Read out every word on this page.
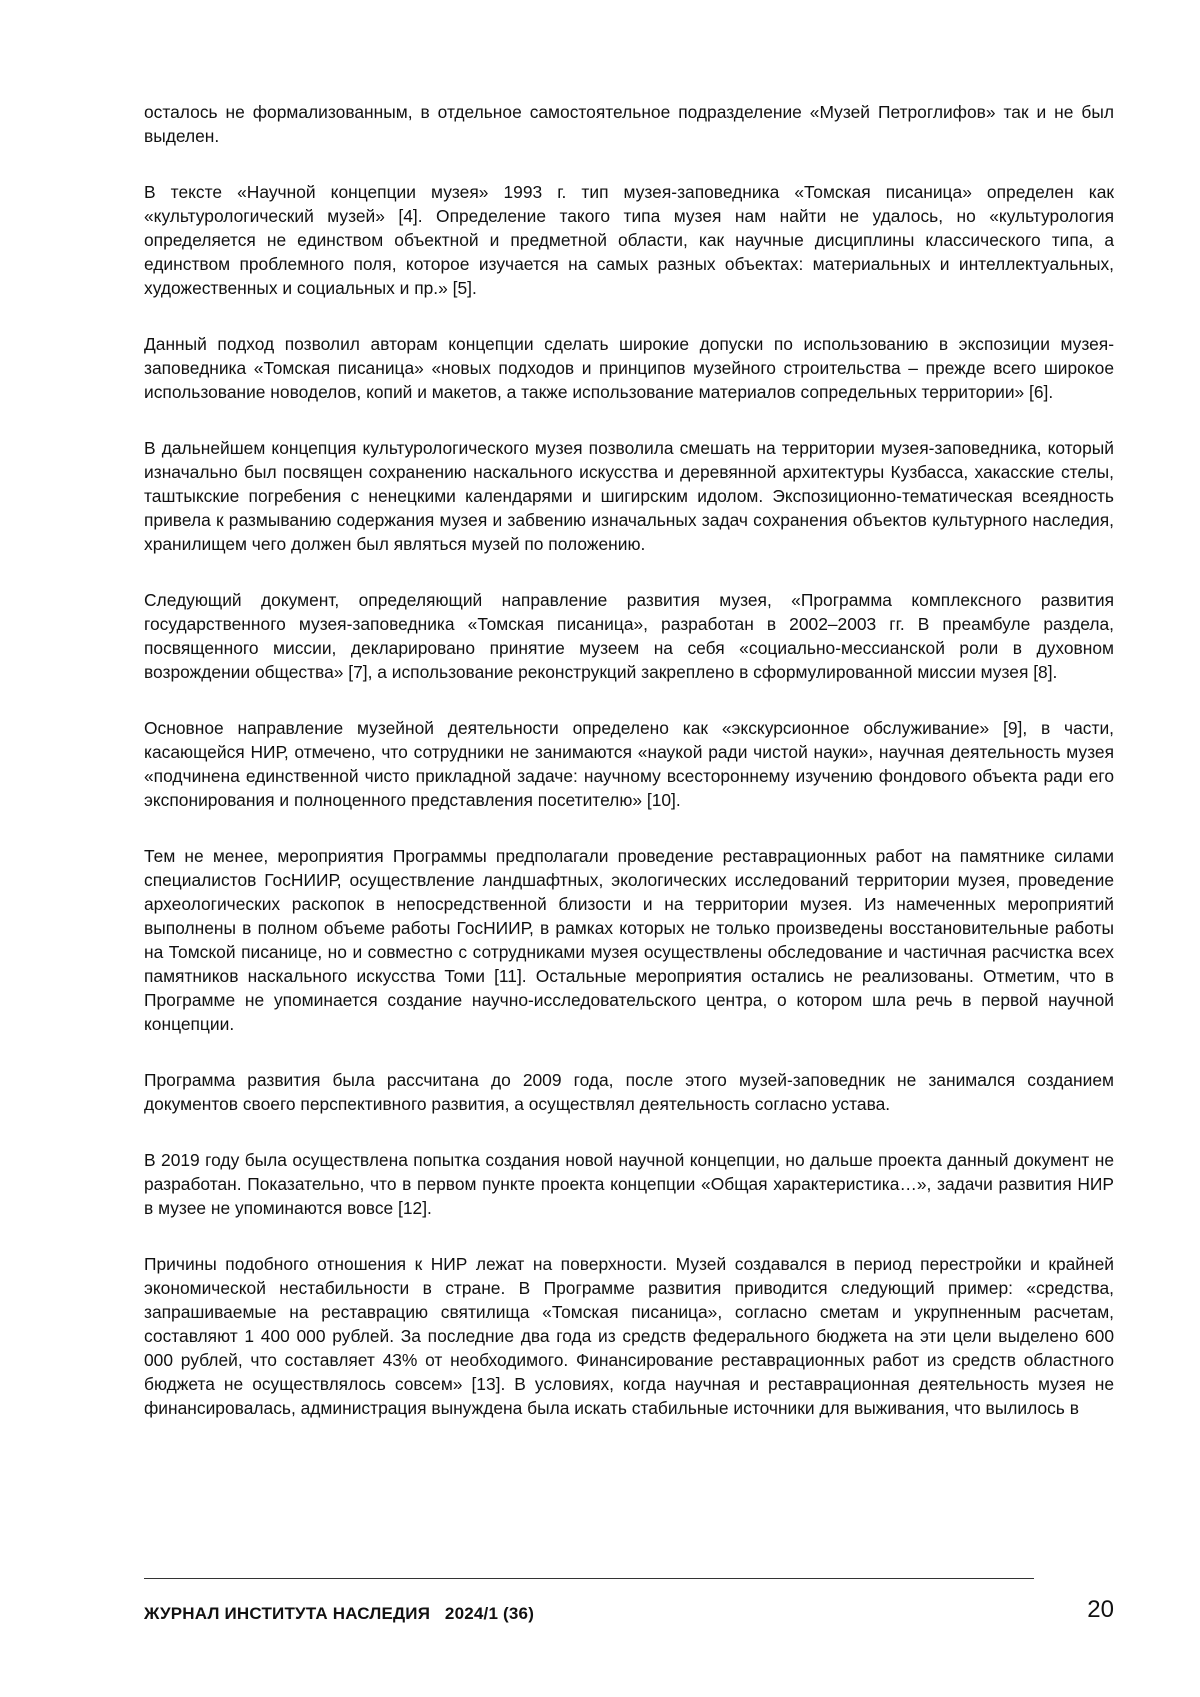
осталось не формализованным, в отдельное самостоятельное подразделение «Музей Петроглифов» так и не был выделен.

В тексте «Научной концепции музея» 1993 г. тип музея-заповедника «Томская писаница» определен как «культурологический музей» [4]. Определение такого типа музея нам найти не удалось, но «культурология определяется не единством объектной и предметной области, как научные дисциплины классического типа, а единством проблемного поля, которое изучается на самых разных объектах: материальных и интеллектуальных, художественных и социальных и пр.» [5].

Данный подход позволил авторам концепции сделать широкие допуски по использованию в экспозиции музея-заповедника «Томская писаница» «новых подходов и принципов музейного строительства – прежде всего широкое использование новоделов, копий и макетов, а также использование материалов сопредельных территории» [6].

В дальнейшем концепция культурологического музея позволила смешать на территории музея-заповедника, который изначально был посвящен сохранению наскального искусства и деревянной архитектуры Кузбасса, хакасские стелы, таштыкские погребения с ненецкими календарями и шигирским идолом. Экспозиционно-тематическая всеядность привела к размыванию содержания музея и забвению изначальных задач сохранения объектов культурного наследия, хранилищем чего должен был являться музей по положению.

Следующий документ, определяющий направление развития музея, «Программа комплексного развития государственного музея-заповедника «Томская писаница», разработан в 2002–2003 гг. В преамбуле раздела, посвященного миссии, декларировано принятие музеем на себя «социально-мессианской роли в духовном возрождении общества» [7], а использование реконструкций закреплено в сформулированной миссии музея [8].

Основное направление музейной деятельности определено как «экскурсионное обслуживание» [9], в части, касающейся НИР, отмечено, что сотрудники не занимаются «наукой ради чистой науки», научная деятельность музея «подчинена единственной чисто прикладной задаче: научному всестороннему изучению фондового объекта ради его экспонирования и полноценного представления посетителю» [10].

Тем не менее, мероприятия Программы предполагали проведение реставрационных работ на памятнике силами специалистов ГосНИИР, осуществление ландшафтных, экологических исследований территории музея, проведение археологических раскопок в непосредственной близости и на территории музея. Из намеченных мероприятий выполнены в полном объеме работы ГосНИИР, в рамках которых не только произведены восстановительные работы на Томской писанице, но и совместно с сотрудниками музея осуществлены обследование и частичная расчистка всех памятников наскального искусства Томи [11]. Остальные мероприятия остались не реализованы. Отметим, что в Программе не упоминается создание научно-исследовательского центра, о котором шла речь в первой научной концепции.

Программа развития была рассчитана до 2009 года, после этого музей-заповедник не занимался созданием документов своего перспективного развития, а осуществлял деятельность согласно устава.

В 2019 году была осуществлена попытка создания новой научной концепции, но дальше проекта данный документ не разработан. Показательно, что в первом пункте проекта концепции «Общая характеристика…», задачи развития НИР в музее не упоминаются вовсе [12].

Причины подобного отношения к НИР лежат на поверхности. Музей создавался в период перестройки и крайней экономической нестабильности в стране. В Программе развития приводится следующий пример: «средства, запрашиваемые на реставрацию святилища «Томская писаница», согласно сметам и укрупненным расчетам, составляют 1 400 000 рублей. За последние два года из средств федерального бюджета на эти цели выделено 600 000 рублей, что составляет 43% от необходимого. Финансирование реставрационных работ из средств областного бюджета не осуществлялось совсем» [13]. В условиях, когда научная и реставрационная деятельность музея не финансировалась, администрация вынуждена была искать стабильные источники для выживания, что вылилось в

ЖУРНАЛ ИНСТИТУТА НАСЛЕДИЯ   2024/1 (36)	20
